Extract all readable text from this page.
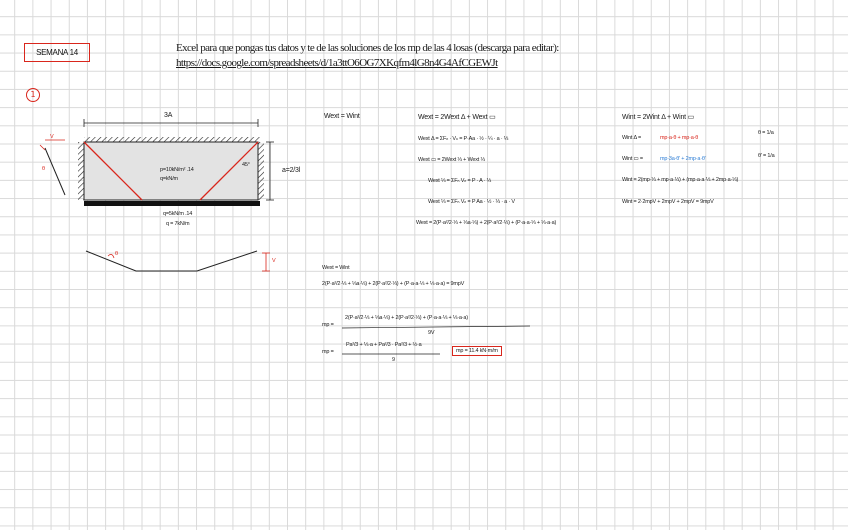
SEMANA 14	Excel para que pongas tus datos y te de las soluciones de los mp de las 4 losas (descarga para editar):
https://docs.google.com/spreadsheets/d/1a3ttO6OG7XKqfm4lG8n4G4AfCGEWJt
1
3A
a=2/3l
p=10kN/m² .14
q=kN/m
q=5kN/m .14
q = 7kN/m
45°
θ
V
θ
V
Wext = Wint	Wext = 2Wext Δ + Wext ▭
Wext Δ = ΣFₙ · Vₙ = P·Aa · ½ · ¼ · a · ⅓
Wext ▭ = 2Wext ⅓ + Wext ⅓
Wext ⅓ = ΣFₙ Vₙ = P · A · ⅓
Wext ⅓ = ΣFₙ Vₙ = P Aa · ½ · ⅓ · a · V
Wext = 2(P·a²/2·⅓ + ⅓a·⅓) + 2(P·a²/2·⅓) + (P·a·a·⅓ + ⅓·a·a)
Wint = 2Wint Δ + Wint ▭
Wint Δ =	mp·a·θ + mp·a·θ
θ = 1/a
Wint ▭ =	mp·3a·θ' + 2mp·a·θ'	θ' = 1/a
Wint = 2(mp·⅓ + mp·a·⅓) + (mp·a·a·⅓ + 2mp·a·⅓)
Wint = 2·2mpV + 2mpV + 2mpV = 9mpV
Wext = Wint
2(P·a²/2·⅓ + ⅓a·⅓) + 2(P·a²/2·⅓) + (P·a·a·⅓ + ⅓·a·a) = 9mpV
mp =
2(P·a²/2·⅓ + ⅓a·⅓) + 2(P·a²/2·⅓) + (P·a·a·⅓ + ⅓·a·a)
9V
mp =
Pa²/3 + ⅓·a + Pa²/3 · Pa²/3 + ½·a
9
mp = 11.4 kN·m/m
